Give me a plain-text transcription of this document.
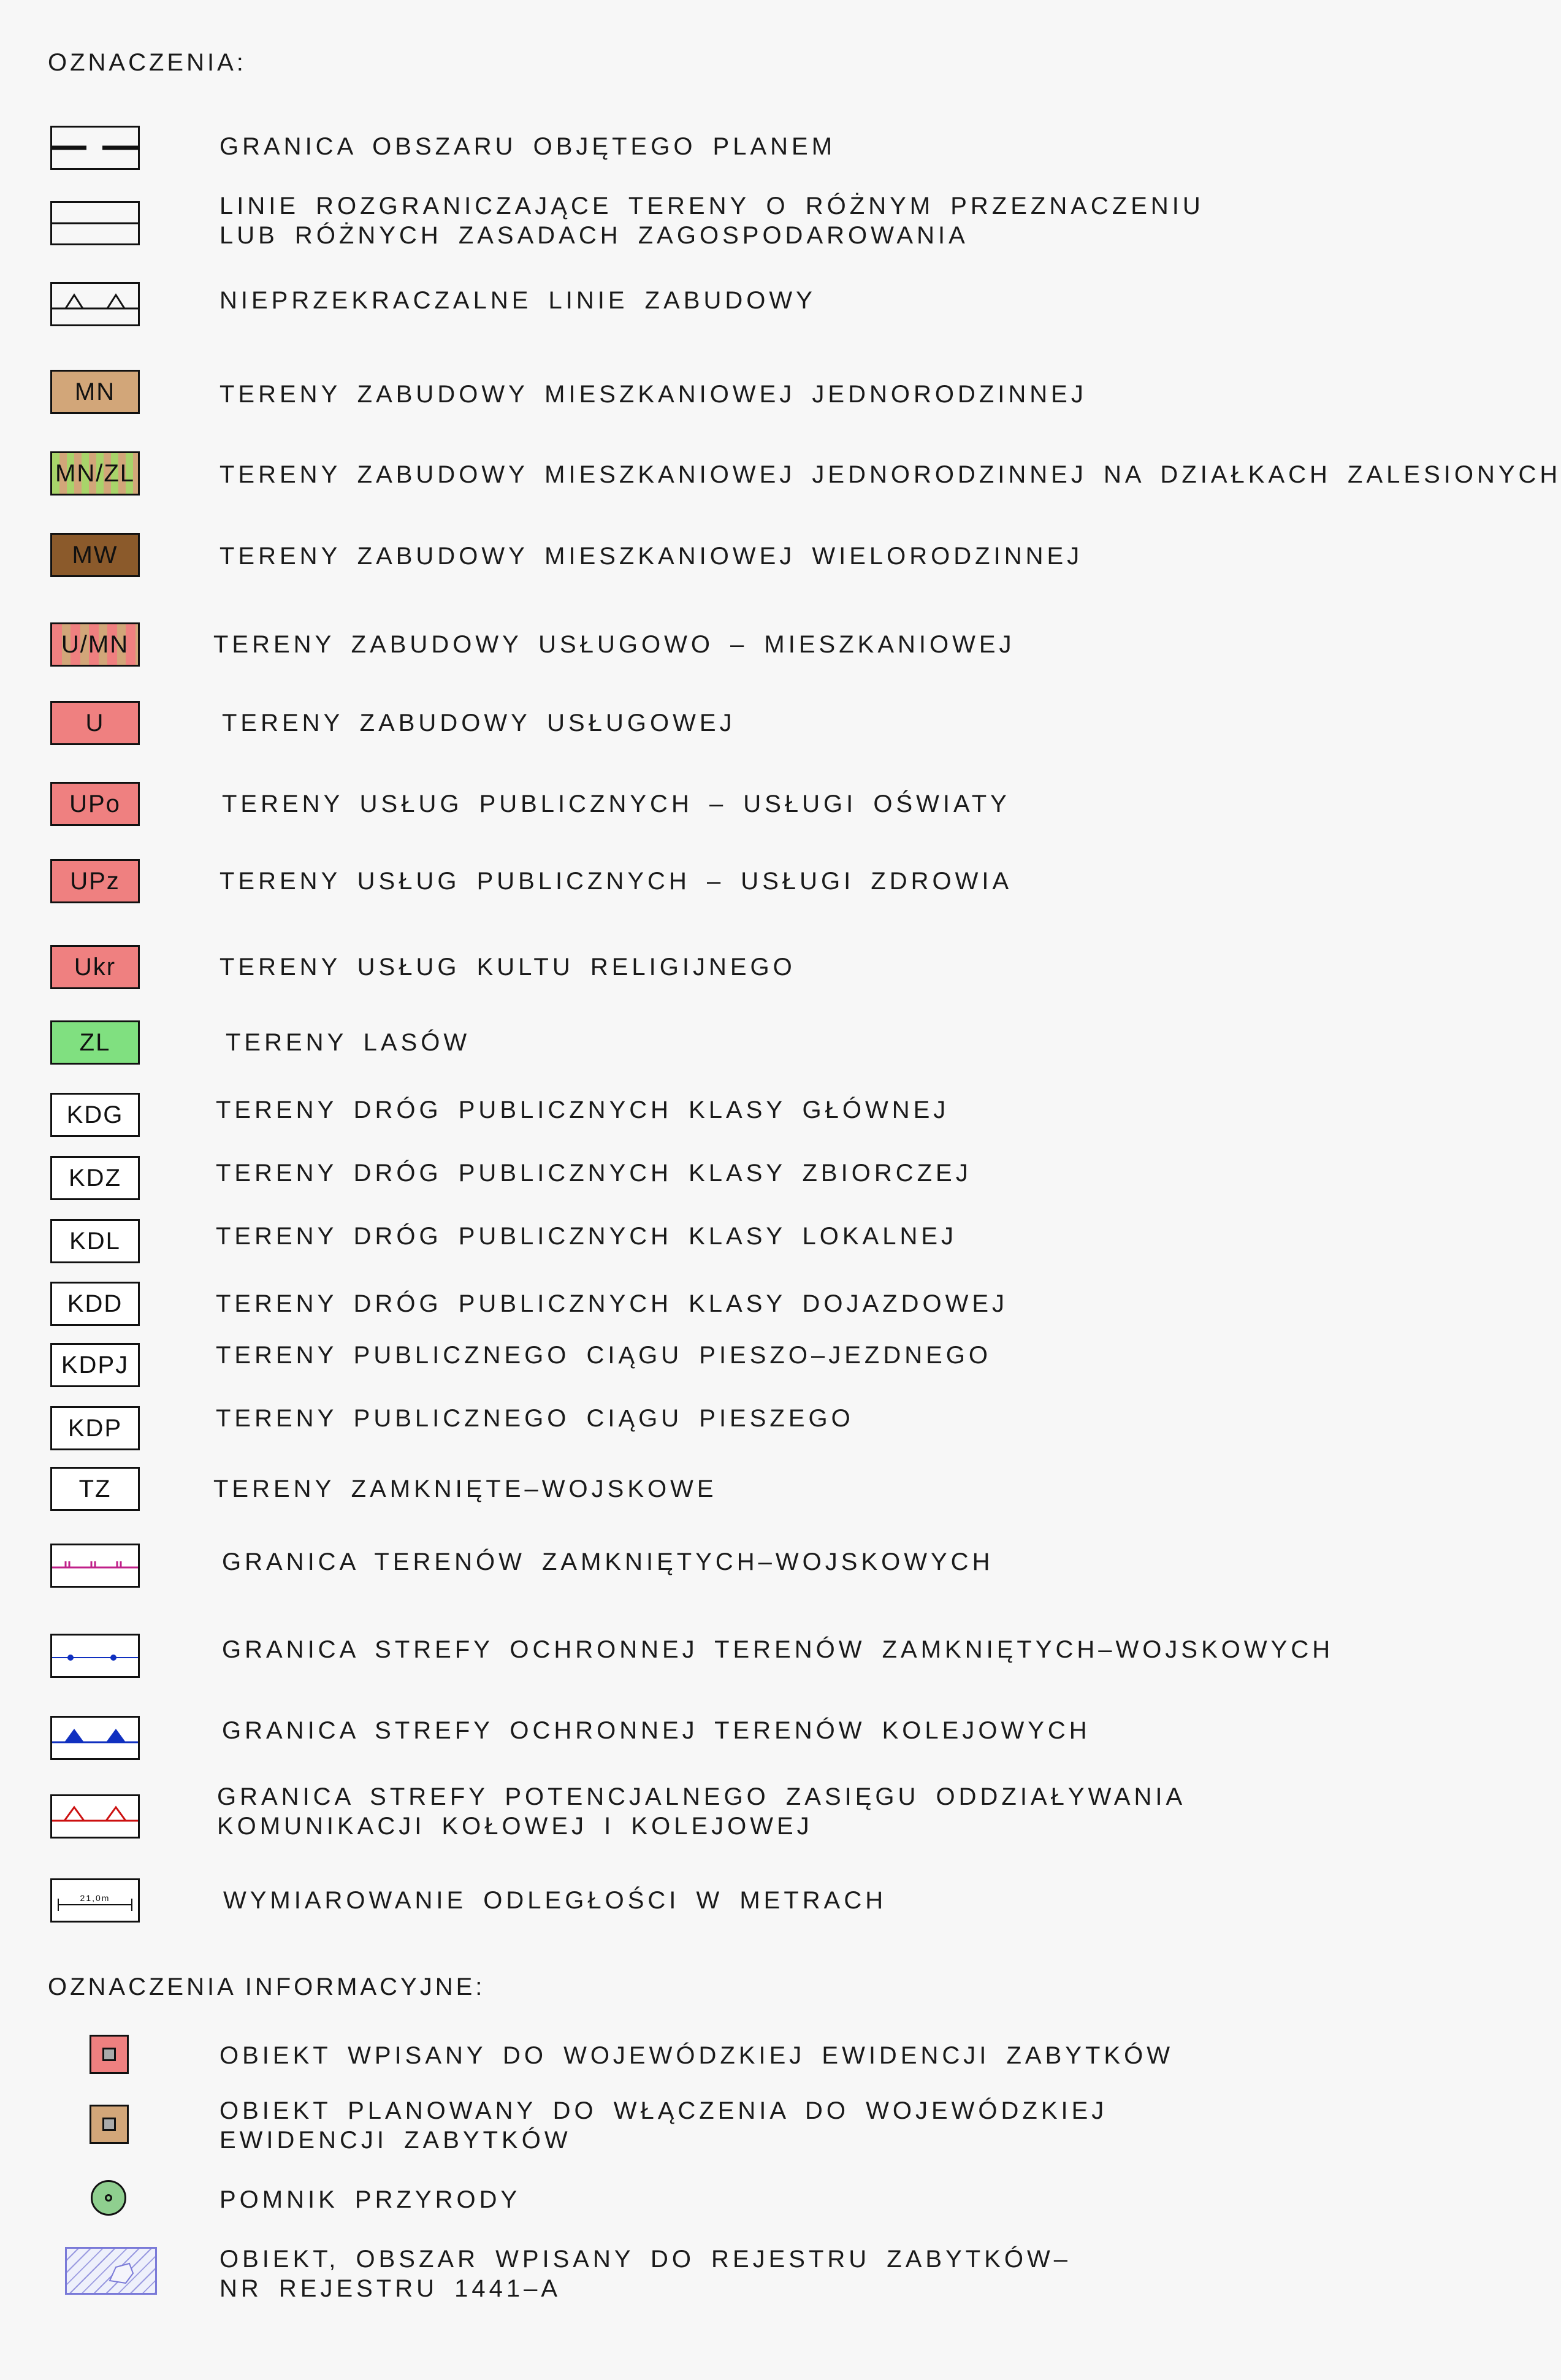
OZNACZENIA:
GRANICA OBSZARU OBJĘTEGO PLANEM
LINIE ROZGRANICZAJĄCE TERENY O RÓŻNYM PRZEZNACZENIU
LUB RÓŻNYCH ZASADACH ZAGOSPODAROWANIA
NIEPRZEKRACZALNE LINIE ZABUDOWY
MN	TERENY ZABUDOWY MIESZKANIOWEJ JEDNORODZINNEJ
MN/ZL	TERENY ZABUDOWY MIESZKANIOWEJ JEDNORODZINNEJ NA DZIAŁKACH ZALESIONYCH
MW	TERENY ZABUDOWY MIESZKANIOWEJ WIELORODZINNEJ
U/MN	TERENY ZABUDOWY USŁUGOWO – MIESZKANIOWEJ
U	TERENY ZABUDOWY USŁUGOWEJ
UPo	TERENY USŁUG PUBLICZNYCH – USŁUGI OŚWIATY
UPz	TERENY USŁUG PUBLICZNYCH – USŁUGI ZDROWIA
Ukr	TERENY USŁUG KULTU RELIGIJNEGO
ZL	TERENY LASÓW
KDG	TERENY DRÓG PUBLICZNYCH KLASY GŁÓWNEJ
KDZ	TERENY DRÓG PUBLICZNYCH KLASY ZBIORCZEJ
KDL	TERENY DRÓG PUBLICZNYCH KLASY LOKALNEJ
KDD	TERENY DRÓG PUBLICZNYCH KLASY DOJAZDOWEJ
KDPJ	TERENY PUBLICZNEGO CIĄGU PIESZO–JEZDNEGO
KDP	TERENY PUBLICZNEGO CIĄGU PIESZEGO
TZ	TERENY ZAMKNIĘTE–WOJSKOWE
GRANICA TERENÓW ZAMKNIĘTYCH–WOJSKOWYCH
GRANICA STREFY OCHRONNEJ TERENÓW ZAMKNIĘTYCH–WOJSKOWYCH
GRANICA STREFY OCHRONNEJ TERENÓW KOLEJOWYCH
GRANICA STREFY POTENCJALNEGO ZASIĘGU ODDZIAŁYWANIA
KOMUNIKACJI KOŁOWEJ I KOLEJOWEJ
21,0m	WYMIAROWANIE ODLEGŁOŚCI W METRACH
OZNACZENIA INFORMACYJNE:
OBIEKT WPISANY DO WOJEWÓDZKIEJ EWIDENCJI ZABYTKÓW
OBIEKT PLANOWANY DO WŁĄCZENIA DO WOJEWÓDZKIEJ
EWIDENCJI ZABYTKÓW
POMNIK PRZYRODY
OBIEKT, OBSZAR WPISANY DO REJESTRU ZABYTKÓW–
NR REJESTRU 1441–A
